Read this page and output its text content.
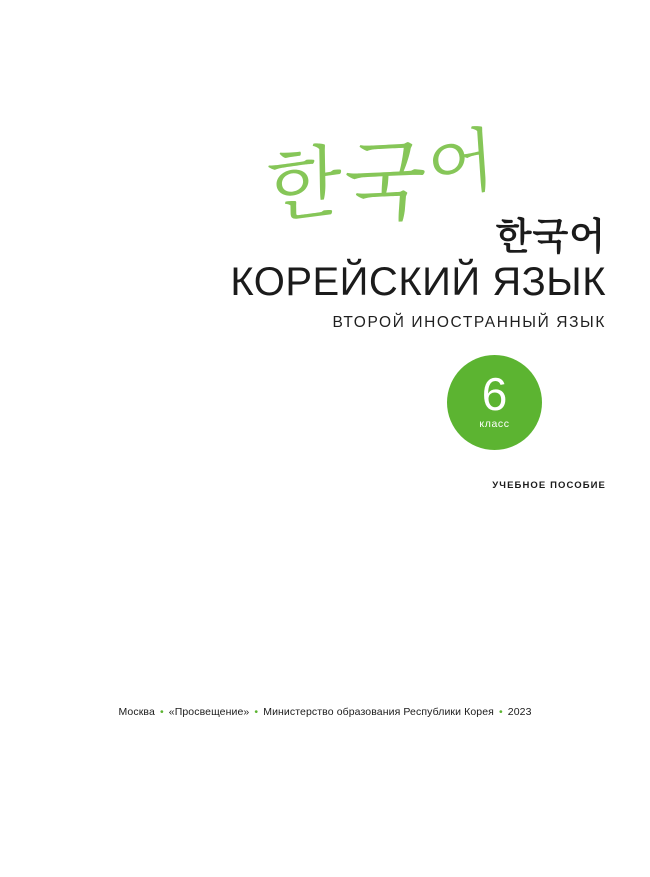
한국어
한국어
КОРЕЙСКИЙ ЯЗЫК
ВТОРОЙ ИНОСТРАННЫЙ ЯЗЫК
6
класс
УЧЕБНОЕ ПОСОБИЕ
Москва • «Просвещение» • Министерство образования Республики Корея • 2023
